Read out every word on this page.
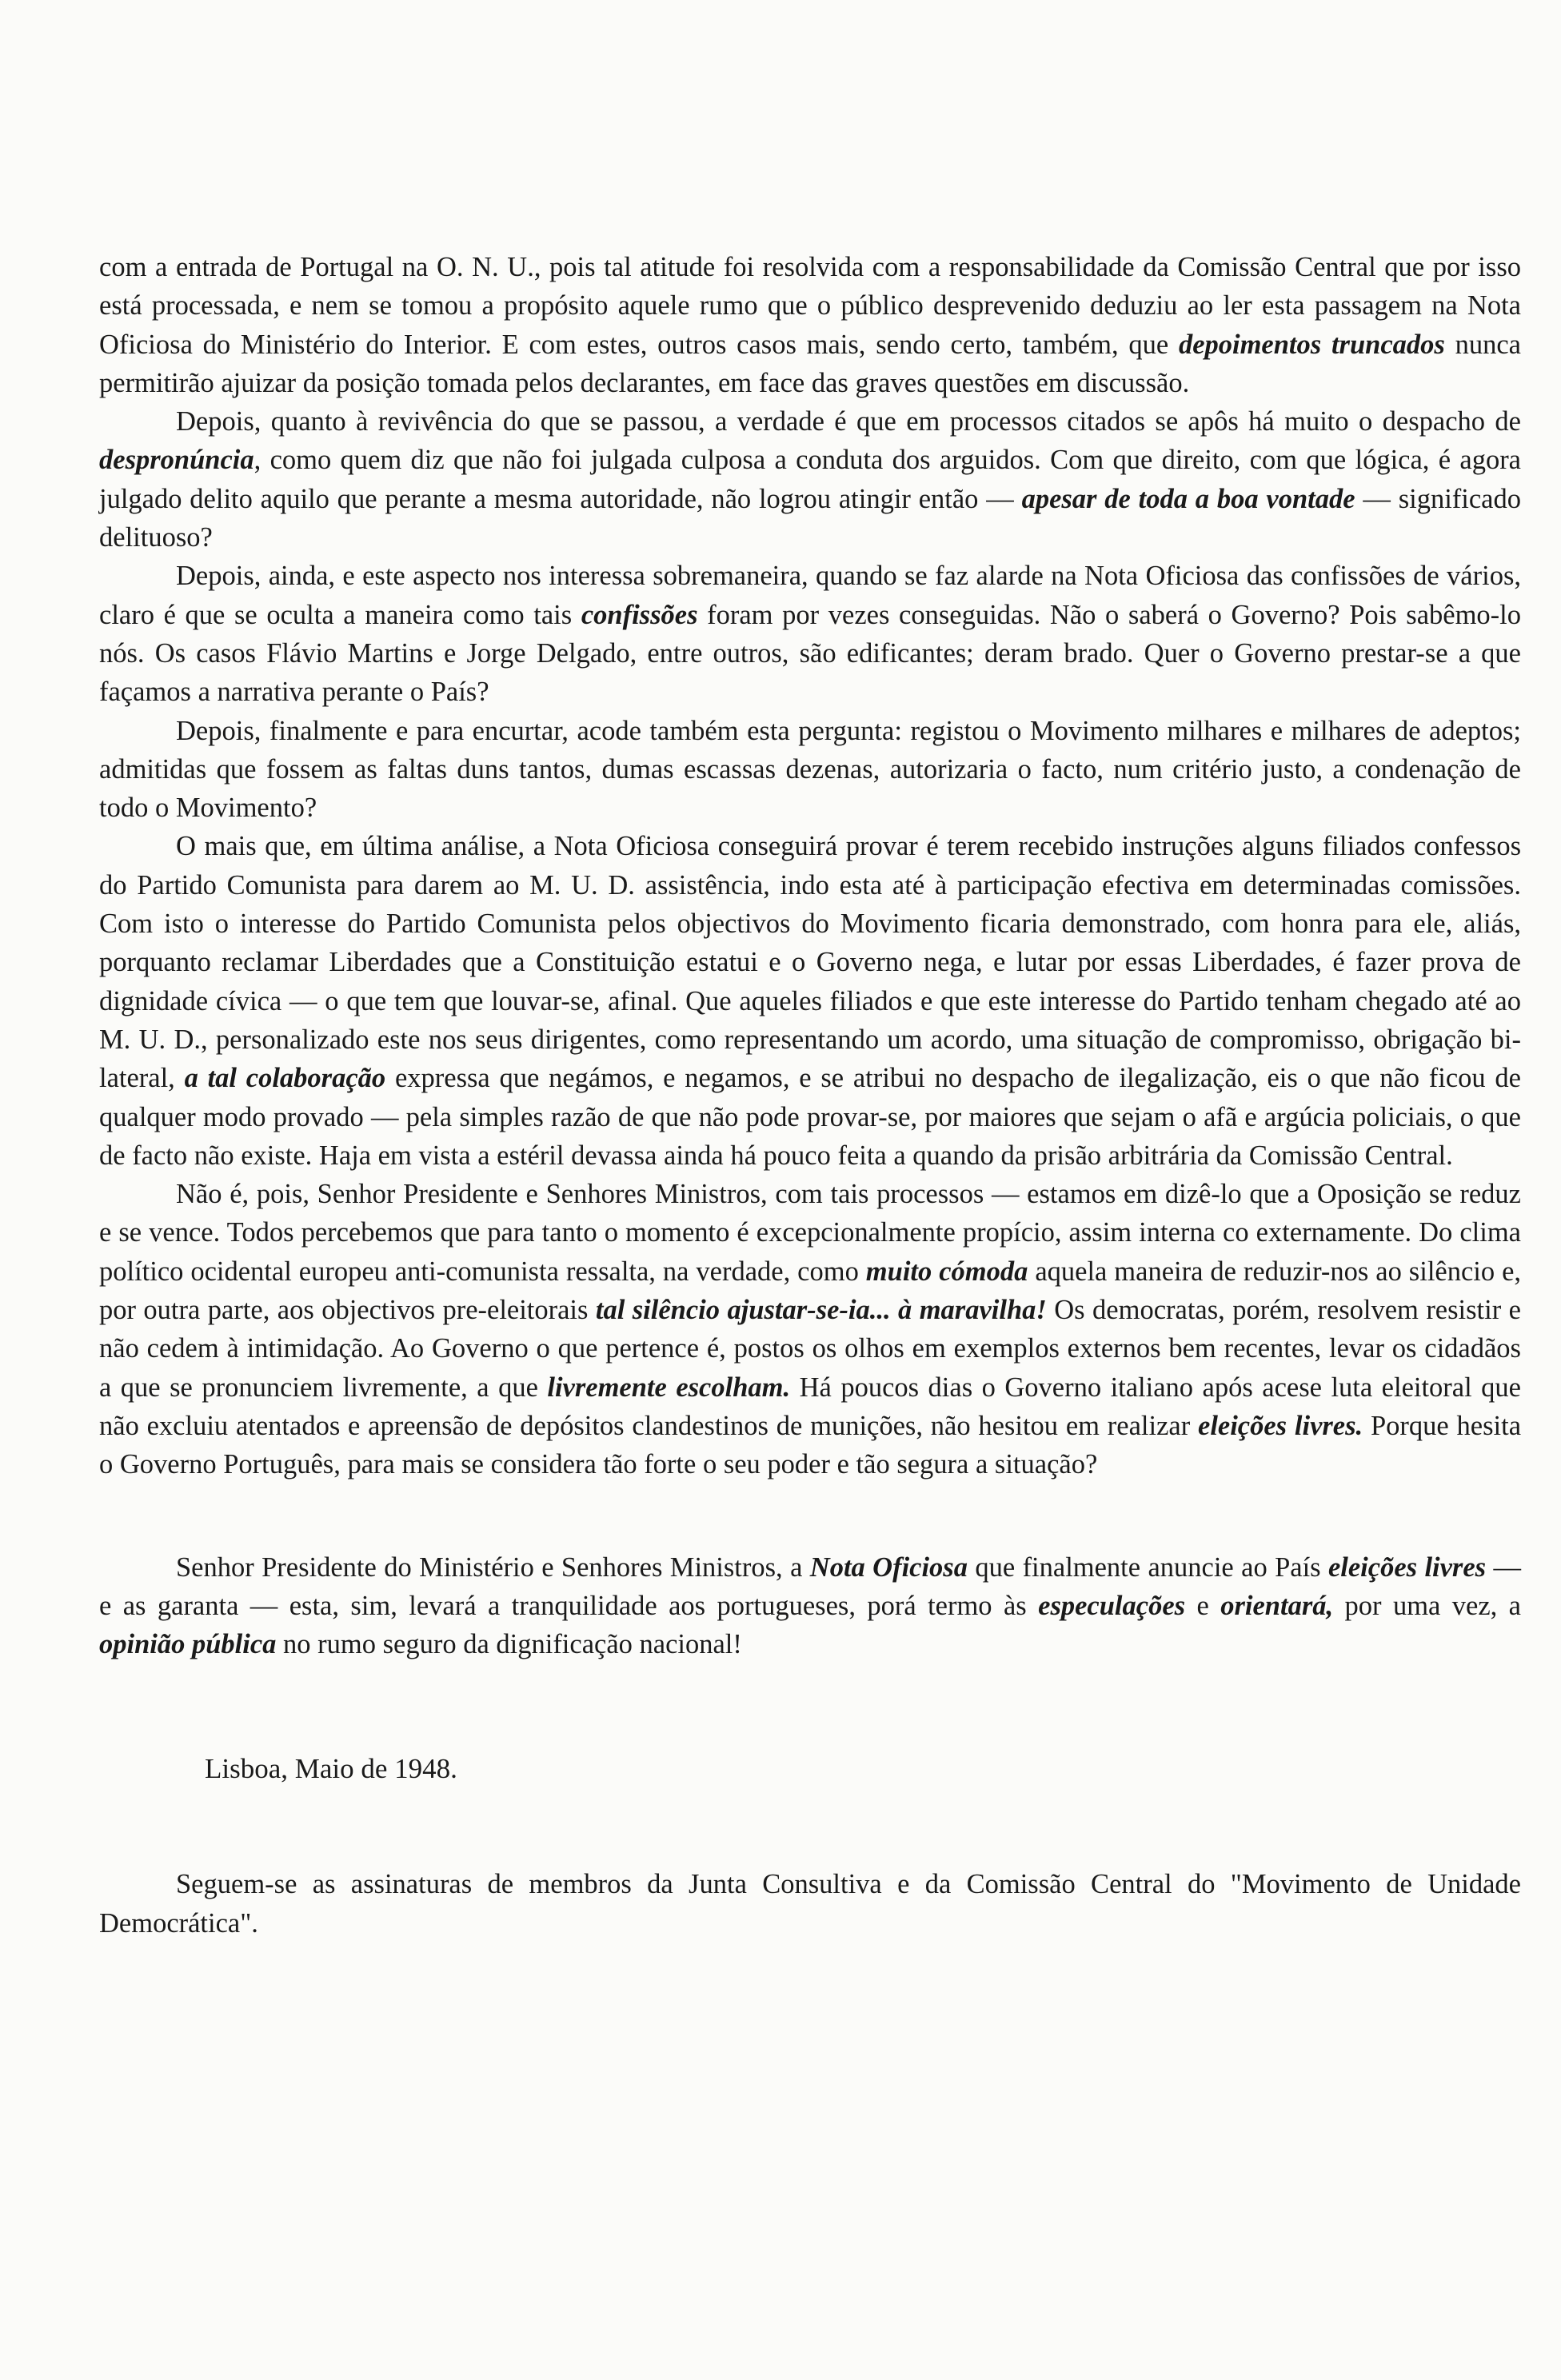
com a entrada de Portugal na O. N. U., pois tal atitude foi resolvida com a responsabilidade da Comissão Central que por isso está processada, e nem se tomou a propósito aquele rumo que o público desprevenido deduziu ao ler esta passagem na Nota Oficiosa do Ministério do Interior. E com estes, outros casos mais, sendo certo, também, que depoimentos truncados nunca permitirão ajuizar da posição tomada pelos declarantes, em face das graves questões em discussão.

Depois, quanto à revivência do que se passou, a verdade é que em processos citados se apôs há muito o despacho de despronúncia, como quem diz que não foi julgada culposa a conduta dos arguidos. Com que direito, com que lógica, é agora julgado delito aquilo que perante a mesma autoridade, não logrou atingir então — apesar de toda a boa vontade — significado delituoso?

Depois, ainda, e este aspecto nos interessa sobremaneira, quando se faz alarde na Nota Oficiosa das confissões de vários, claro é que se oculta a maneira como tais confissões foram por vezes conseguidas. Não o saberá o Governo? Pois sabêmo-lo nós. Os casos Flávio Martins e Jorge Delgado, entre outros, são edificantes; deram brado. Quer o Governo prestar-se a que façamos a narrativa perante o País?

Depois, finalmente e para encurtar, acode também esta pergunta: registou o Movimento milhares e milhares de adeptos; admitidas que fossem as faltas duns tantos, dumas escassas dezenas, autorizaria o facto, num critério justo, a condenação de todo o Movimento?

O mais que, em última análise, a Nota Oficiosa conseguirá provar é terem recebido instruções alguns filiados confessos do Partido Comunista para darem ao M. U. D. assistência, indo esta até à participação efectiva em determinadas comissões. Com isto o interesse do Partido Comunista pelos objectivos do Movimento ficaria demonstrado, com honra para ele, aliás, porquanto reclamar Liberdades que a Constituição estatui e o Governo nega, e lutar por essas Liberdades, é fazer prova de dignidade cívica — o que tem que louvar-se, afinal. Que aqueles filiados e que este interesse do Partido tenham chegado até ao M. U. D., personalizado este nos seus dirigentes, como representando um acordo, uma situação de compromisso, obrigação bi-lateral, a tal colaboração expressa que negámos, e negamos, e se atribui no despacho de ilegalização, eis o que não ficou de qualquer modo provado — pela simples razão de que não pode provar-se, por maiores que sejam o afã e argúcia policiais, o que de facto não existe. Haja em vista a estéril devassa ainda há pouco feita a quando da prisão arbitrária da Comissão Central.

Não é, pois, Senhor Presidente e Senhores Ministros, com tais processos — estamos em dizê-lo que a Oposição se reduz e se vence. Todos percebemos que para tanto o momento é excepcionalmente propício, assim interna co externamente. Do clima político ocidental europeu anti-comunista ressalta, na verdade, como muito cómoda aquela maneira de reduzir-nos ao silêncio e, por outra parte, aos objectivos pre-eleitorais tal silêncio ajustar-se-ia... à maravilha! Os democratas, porém, resolvem resistir e não cedem à intimidação. Ao Governo o que pertence é, postos os olhos em exemplos externos bem recentes, levar os cidadãos a que se pronunciem livremente, a que livremente escolham. Há poucos dias o Governo italiano após acese luta eleitoral que não excluiu atentados e apreensão de depósitos clandestinos de munições, não hesitou em realizar eleições livres. Porque hesita o Governo Português, para mais se considera tão forte o seu poder e tão segura a situação?

Senhor Presidente do Ministério e Senhores Ministros, a Nota Oficiosa que finalmente anuncie ao País eleições livres — e as garanta — esta, sim, levará a tranquilidade aos portugueses, porá termo às especulações e orientará, por uma vez, a opinião pública no rumo seguro da dignificação nacional!

Lisboa, Maio de 1948.

Seguem-se as assinaturas de membros da Junta Consultiva e da Comissão Central do "Movimento de Unidade Democrática".
